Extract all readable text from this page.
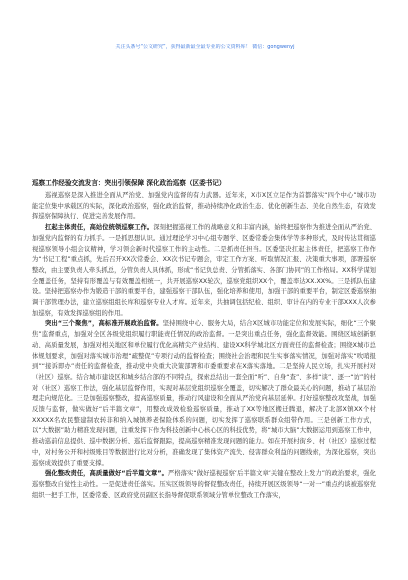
关注头条号“公文研究”，获得最新最全最专业的公文资料库！ 微信：gongwenyj
巡察工作经验交流发言：突出引领保障 深化政治巡察（区委书记）

巡视巡察是深入推进全面从严治党、加强党内监督的有力武器。近年来，X市X区立足作为首都落实“四个中心”城市功能定位集中承载区的实际，深化政治巡察，强化政治监督，推动持续净化政治生态、优化创新生态、美化自然生态，有效发挥巡察保障执行、促进完善发展作用。

扛起主体责任，高站位统领巡察工作。深刻把握巡视工作的战略意义和丰富内涵，始终把巡察作为推进全面从严治党、加强党内监督的有力抓手。一是抓思想认识。通过理论学习中心组专题学、区委常委会集体学等多种形式，及时传达贯彻巡视巡察领导小组会议精神，学习领会新时代巡察工作的主动性。二是抓责任担当。区委坚决扛起主体责任，把巡察工作作为“书记工程”重点抓，先后召开XX次常委会、XX次书记专题会，审定工作方案、听取情况汇报、决策重大事项，部署巡察整改，由主要负责人牵头抓总，分管负责人具体抓，形成“书记负总责、分管抓落实、各部门协同”的工作格局。XX科学谋划全覆盖任务，坚持有形覆盖与有效覆盖相统一，共开展巡察XX轮次，巡察党组织XX个，覆盖率达XX.XX%。三是抓队伍建设。坚持把巡察办作为锻造干部的重要平台，建强巡察干部队伍，强化培养和使用，加强干部的重要平台，制定区委巡察抽调干部管理办法，建立巡察组组长库和巡察专业人才库。近年来，共抽调包括纪检、组织、审计在内的专业干部XXX人次参加巡察，有效发挥巡察组的作用。

突出“三个聚焦”，高标准开展政治监督。坚持围绕中心、服务大局，结合X区城市功能定位和发展实际，细化“三个聚焦”监督重点，加强对全区各级党组织履行职能责任情况的政治监督。一是突出重点任务，强化监督效能。围绕区域创新驱动、高质量发展，加强对相关地区和单位履行优化高精尖产业结构、建设XX科学城北区方面责任的监督检查；围绕X城市总体规划要求，加强对落实城市治理“疏整促”专项行动的监督检查；围绕社会治理和民生实事落实情况，加强对落实“吹哨报到”“接诉即办”责任的监督检查，推动党中央重大决策部署和市委重要求在X落实落地。二是坚持人民立场，扎实开展村对（社区）巡察。结合城市建设区和城乡结合部的不同特点，探索总结出一套全面“听”、自身“查”、多样“谈”、逐一“访”的村对（社区）巡察工作法，强化基层监督作用，实现对基层党组织巡察全覆盖，切实解决了群众最关心的问题，推动了基层治理走向规范化。三是加强巡察整改，提高巡察质量，推动行风建设和全面从严治党向基层延伸。打好巡察整改攻坚战，加强反馈与监督，做实做好“后半篇文章”，用整改成效检验巡察质量，推动了XX等地区搬迁腾退，解决了北部X镇XX个村XXXXX名农民整建制农转非和纳入城镇养老保险体系的问题，切实发挥了巡察联系群众组带作用。三是创新工作方式，以“大数据”助力精准发现问题，注重发挥下作为科技创新中心核心区的科技优势，将“城市大脑”大数据运用到巡察工作中，推动巡前信息提供、巡中数据分析、巡后监督跟踪，提高巡察精准发现问题的能力。如在开展村街乡、村（社区）巡察过程中，对村务公开和村级账目等数据进行比对分析，准确发现了集体资产流失、侵害群众利益的问题线索，为深化巡察，突出巡察成效提供了重要支撑。

强化整改责任，高质量做好“后半篇文章”。严格落实“做好巡视巡察‘后半篇文章’关键在整改上发力”的政治要求，强化巡察整改自觉性主动性。一是促进责任落实。压实区级领导的督促整改责任，持续开展区级领导“一对一”重点约谈被巡察党组织一把手工作，区委常委、区政府党员副区长指导督促联系领域分管单位整改工作落实，
